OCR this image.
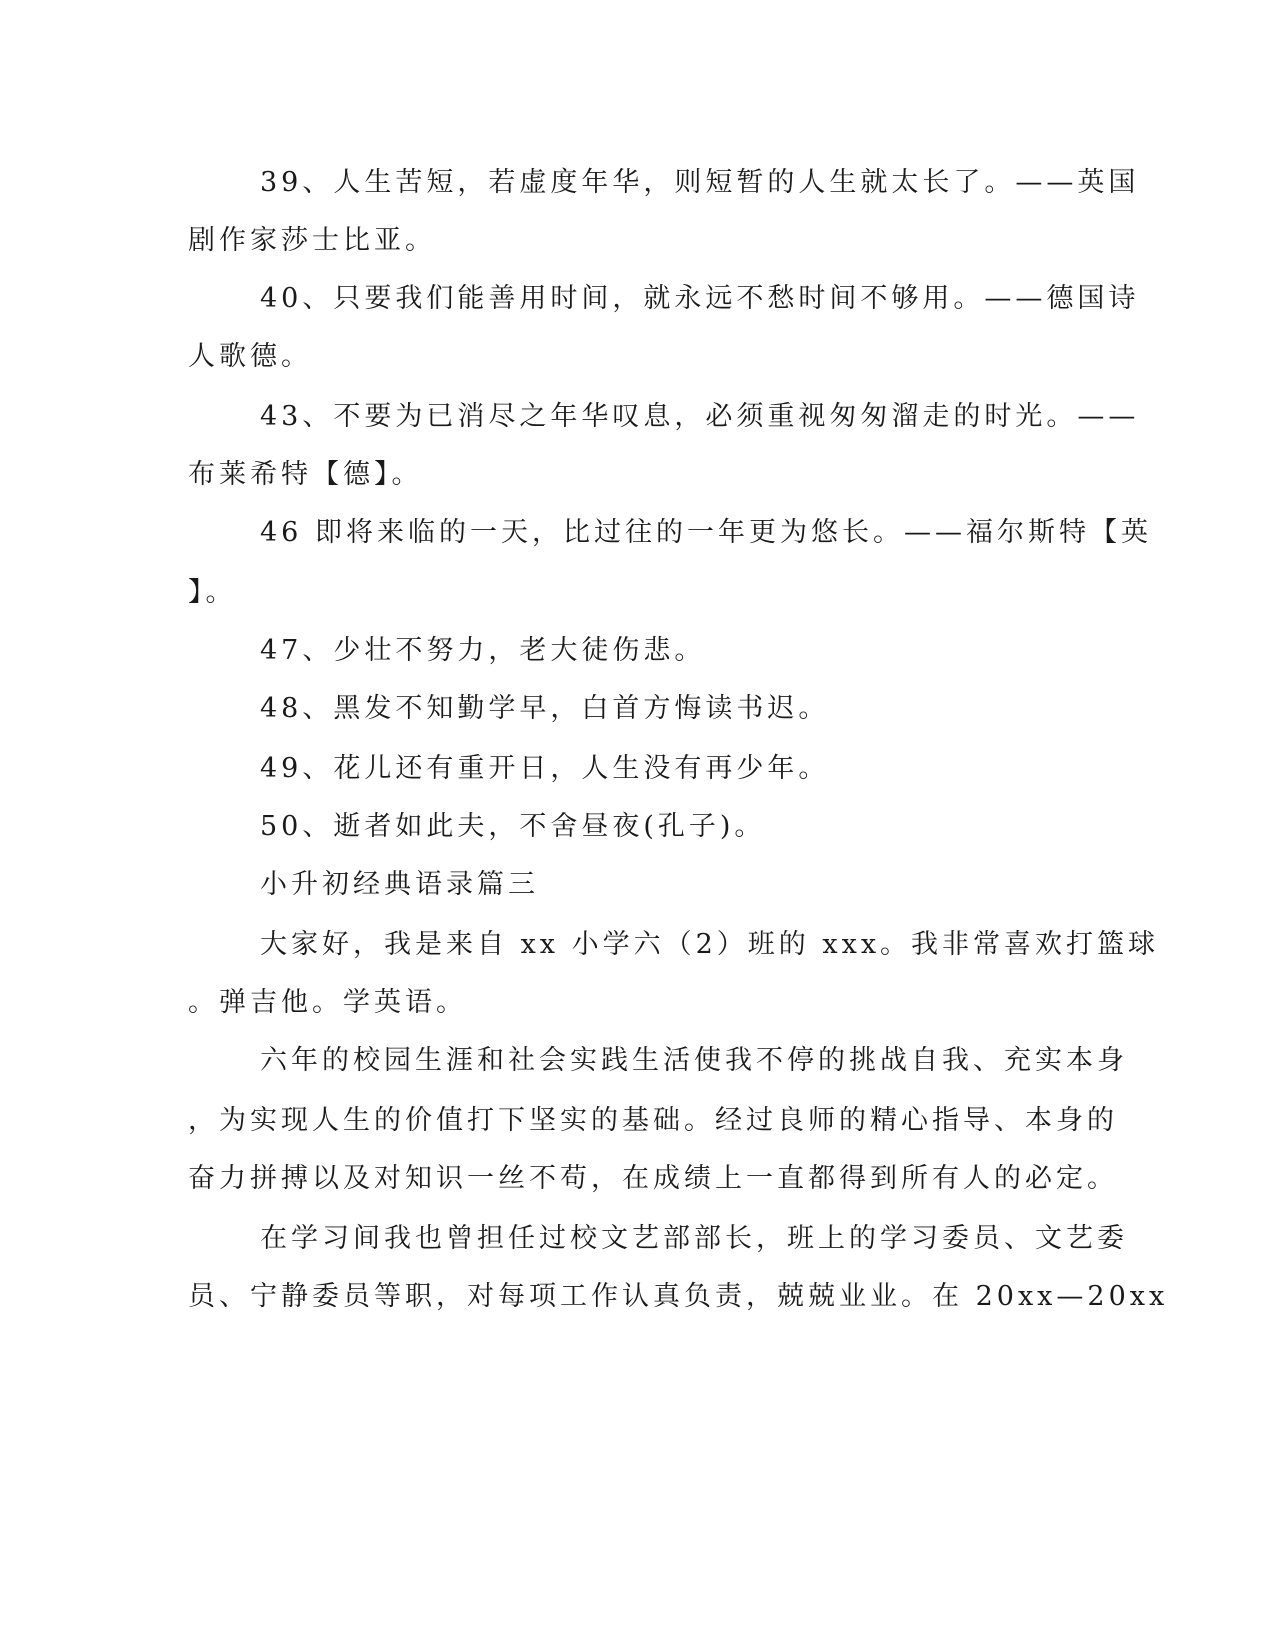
39、人生苦短，若虚度年华，则短暂的人生就太长了。——英国
剧作家莎士比亚。
40、只要我们能善用时间，就永远不愁时间不够用。——德国诗
人歌德。
43、不要为已消尽之年华叹息，必须重视匆匆溜走的时光。——
布莱希特【德】。
46 即将来临的一天，比过往的一年更为悠长。——福尔斯特【英
】。
47、少壮不努力，老大徒伤悲。
48、黑发不知勤学早，白首方悔读书迟。
49、花儿还有重开日，人生没有再少年。
50、逝者如此夫，不舍昼夜(孔子)。
小升初经典语录篇三
大家好，我是来自 xx 小学六（2）班的 xxx。我非常喜欢打篮球
。弹吉他。学英语。
六年的校园生涯和社会实践生活使我不停的挑战自我、充实本身
，为实现人生的价值打下坚实的基础。经过良师的精心指导、本身的
奋力拼搏以及对知识一丝不苟，在成绩上一直都得到所有人的必定。
在学习间我也曾担任过校文艺部部长，班上的学习委员、文艺委
员、宁静委员等职，对每项工作认真负责，兢兢业业。在 20xx—20xx
